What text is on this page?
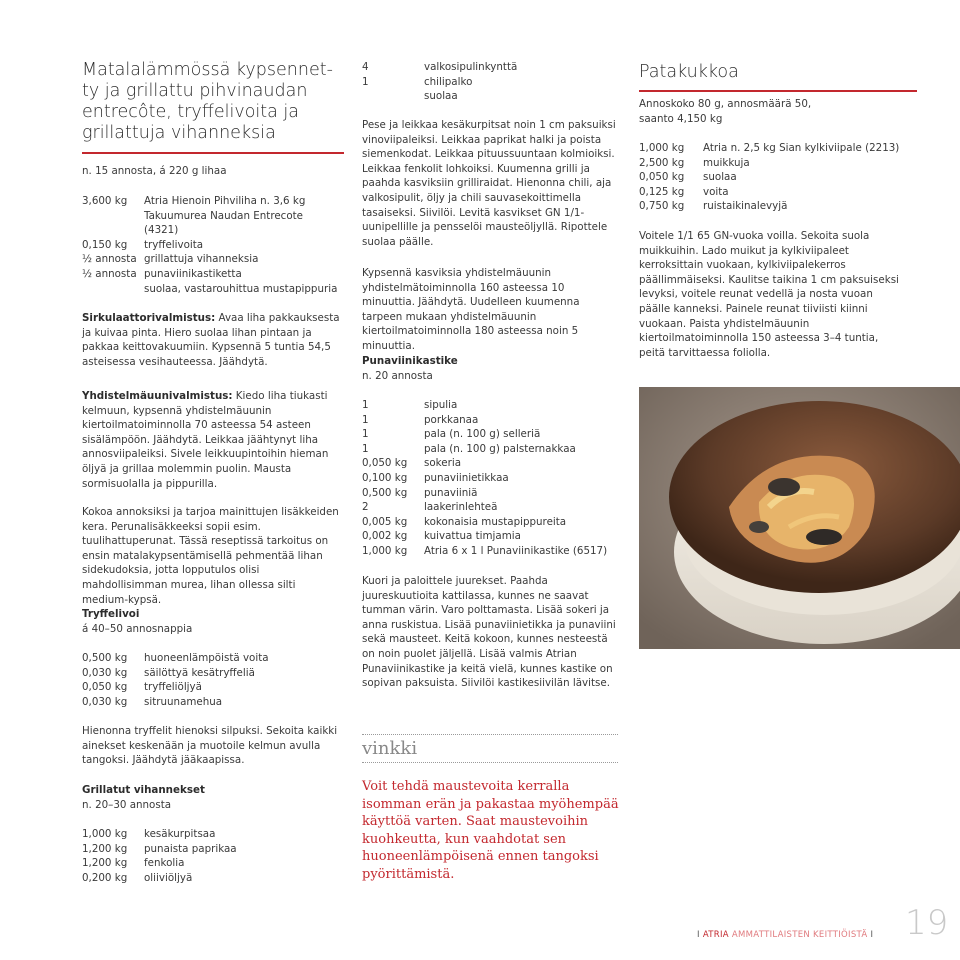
Matalalämmössä kypsennet-
ty ja grillattu pihvinaudan
entrecôte, tryffelivoita ja
grillattuja vihanneksia
n. 15 annosta, á 220 g lihaa
3,600 kg	Atria Hienoin Pihviliha n. 3,6 kg
Takuumurea Naudan Entrecote
(4321)
0,150 kg	tryffelivoita
½ annosta grillattuja vihanneksia
½ annosta punaviinikastiketta
suolaa, vastarouhittua mustapippuria

Sirkulaattorivalmistus: Avaa liha pakkauksesta ja kuivaa pinta. Hiero suolaa lihan pintaan ja pakkaa keittovakuumiin. Kypsennä 5 tuntia 54,5 asteisessa vesihauteessa. Jäähdytä.

Yhdistelmäuunivalmistus: Kiedo liha tiukasti kelmuun, kypsennä yhdistelmäuunin kiertoilmatoiminnolla 70 asteessa 54 asteen sisälämpöön. Jäähdytä. Leikkaa jäähtynyt liha annosviipaleiksi. Sivele leikkuupintoihin hieman öljyä ja grillaa molemmin puolin. Mausta sormisuolalla ja pippurilla.

Kokoa annoksiksi ja tarjoa mainittujen lisäkkeiden kera. Perunalisäkkeeksi sopii esim. tuulihattuperunat. Tässä reseptissä tarkoitus on ensin matalakypsentämisellä pehmentää lihan sidekudoksia, jotta lopputulos olisi mahdollisimman murea, lihan ollessa silti medium-kypsä.

Tryffelivoi
á 40–50 annosnappia
0,500 kg	huoneenlämpöistä voita
0,030 kg	säilöttyä kesätryffeliä
0,050 kg	tryffeliöljyä
0,030 kg	sitruunamehua

Hienonna tryffelit hienoksi silpuksi. Sekoita kaikki ainekset keskenään ja muotoile kelmun avulla tangoksi. Jäähdytä jääkaapissa.

Grillatut vihannekset
n. 20–30 annosta
1,000 kg	kesäkurpitsaa
1,200 kg	punaista paprikaa
1,200 kg	fenkolia
0,200 kg	oliiviöljyä
4	valkosipulinkynttä
1	chilipalko
suolaa

Pese ja leikkaa kesäkurpitsat noin 1 cm paksuiksi vinoviipaleiksi. Leikkaa paprikat halki ja poista siemenkodat. Leikkaa pituussuuntaan kolmioiksi. Leikkaa fenkolit lohkoiksi. Kuumenna grilli ja paahda kasviksiin grilliraidat. Hienonna chili, aja valkosipulit, öljy ja chili sauvasekoittimella tasaiseksi. Siivilöi. Levitä kasvikset GN 1/1-uunipellille ja pensselöi mausteöljyllä. Ripottele suolaa päälle.

Kypsennä kasviksia yhdistelmäuunin yhdistelmätoiminnolla 160 asteessa 10 minuuttia. Jäähdytä. Uudelleen kuumenna tarpeen mukaan yhdistelmäuunin kiertoilmatoiminnolla 180 asteessa noin 5 minuuttia.

Punaviinikastike
n. 20 annosta
1	sipulia
1	porkkanaa
1	pala (n. 100 g) selleriä
1	pala (n. 100 g) palsternakkaa
0,050 kg	sokeria
0,100 kg	punaviinietikkaa
0,500 kg	punaviiniä
2	laakerinlehteä
0,005 kg	kokonaisia mustapippureita
0,002 kg	kuivattua timjamia
1,000 kg	Atria 6 x 1 l Punaviinikastike (6517)

Kuori ja paloittele juurekset. Paahda juureskuutioita kattilassa, kunnes ne saavat tumman värin. Varo polttamasta. Lisää sokeri ja anna ruskistua. Lisää punaviinietikka ja punaviini sekä mausteet. Keitä kokoon, kunnes nesteestä on noin puolet jäljellä. Lisää valmis Atrian Punaviinikastike ja keitä vielä, kunnes kastike on sopivan paksuista. Siivilöi kastikesiivilän lävitse.

vinkki
Voit tehdä maustevoita kerralla isomman erän ja pakastaa myöhempää käyttöä varten. Saat maustevoihin kuohkeutta, kun vaahdotat sen huoneenlämpöisenä ennen tangoksi pyörittämistä.
Patakukkoa
Annoskoko 80 g, annosmäärä 50, saanto 4,150 kg
1,000 kg	Atria n. 2,5 kg Sian kylkiviipale (2213)
2,500 kg	muikkuja
0,050 kg	suolaa
0,125 kg	voita
0,750 kg	ruistaikinalevyjä

Voitele 1/1 65 GN-vuoka voilla. Sekoita suola muikkuihin. Lado muikut ja kylkiviipaleet kerroksittain vuokaan, kylkiviipalekerros päällimmäiseksi. Kaulitse taikina 1 cm paksuiseksi levyksi, voitele reunat vedellä ja nosta vuoan päälle kanneksi. Painele reunat tiiviisti kiinni vuokaan. Paista yhdistelmäuunin kiertoilmatoiminnolla 150 asteessa 3–4 tuntia, peitä tarvittaessa foliolla.

I ATRIA AMMATTILAISTEN KEITTIÖISTÄ I 19
